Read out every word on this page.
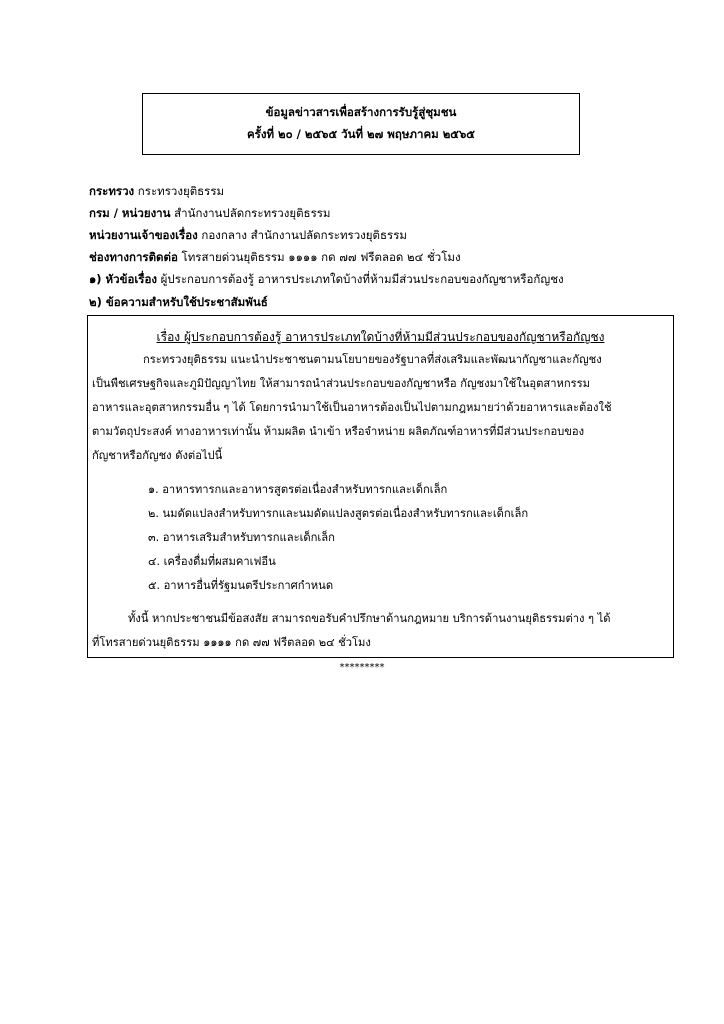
ข้อมูลข่าวสารเพื่อสร้างการรับรู้สู่ชุมชน
ครั้งที่ ๒๐ / ๒๕๖๕ วันที่ ๒๗ พฤษภาคม ๒๕๖๕
กระทรวง กระทรวงยุติธรรม
กรม / หน่วยงาน สำนักงานปลัดกระทรวงยุติธรรม
หน่วยงานเจ้าของเรื่อง กองกลาง สำนักงานปลัดกระทรวงยุติธรรม
ช่องทางการติดต่อ โทรสายด่วนยุติธรรม ๑๑๑๑ กด ๗๗ ฟรีตลอด ๒๔ ชั่วโมง
๑) หัวข้อเรื่อง ผู้ประกอบการต้องรู้ อาหารประเภทใดบ้างที่ห้ามมีส่วนประกอบของกัญชาหรือกัญชง
๒) ข้อความสำหรับใช้ประชาสัมพันธ์
เรื่อง ผู้ประกอบการต้องรู้ อาหารประเภทใดบ้างที่ห้ามมีส่วนประกอบของกัญชาหรือกัญชง
กระทรวงยุติธรรม แนะนำประชาชนตามนโยบายของรัฐบาลที่ส่งเสริมและพัฒนากัญชาและกัญชง
เป็นพืชเศรษฐกิจและภูมิปัญญาไทย ให้สามารถนำส่วนประกอบของกัญชาหรือ กัญชงมาใช้ในอุตสาหกรรม
อาหารและอุตสาหกรรมอื่น ๆ ได้ โดยการนำมาใช้เป็นอาหารต้องเป็นไปตามกฎหมายว่าด้วยอาหารและต้องใช้
ตามวัตถุประสงค์ ทางอาหารเท่านั้น ห้ามผลิต นำเข้า หรือจำหน่าย ผลิตภัณฑ์อาหารที่มีส่วนประกอบของ
กัญชาหรือกัญชง ดังต่อไปนี้
๑. อาหารทารกและอาหารสูตรต่อเนื่องสำหรับทารกและเด็กเล็ก
๒. นมดัดแปลงสำหรับทารกและนมดัดแปลงสูตรต่อเนื่องสำหรับทารกและเด็กเล็ก
๓. อาหารเสริมสำหรับทารกและเด็กเล็ก
๔. เครื่องดื่มที่ผสมคาเฟอีน
๕. อาหารอื่นที่รัฐมนตรีประกาศกำหนด
ทั้งนี้ หากประชาชนมีข้อสงสัย สามารถขอรับคำปรึกษาด้านกฎหมาย บริการด้านงานยุติธรรมต่าง ๆ ได้
ที่โทรสายด่วนยุติธรรม ๑๑๑๑ กด ๗๗ ฟรีตลอด ๒๔ ชั่วโมง
*********
